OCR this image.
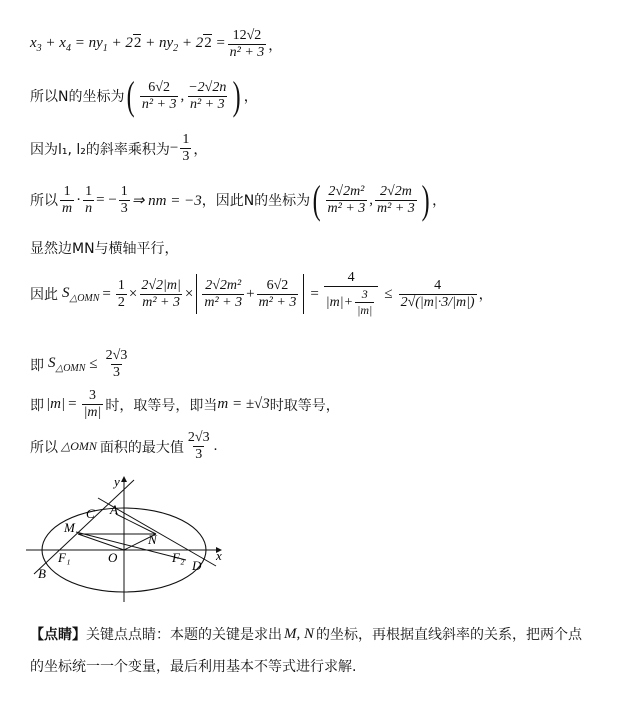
$x_3 + x_4 = ny_1 + 22 + ny_2 + 22 = \frac{12√2}{\text{n² + 3}}$ ，
所以N的坐标为 ( $\frac{6√2}{\text{n² + 3}}$ , $\frac{-2√2n}{\text{n² + 3}}$ ) ，
因为l₁, l₂的斜率乘积为 − $\frac{1}{3}$ ，
所以 $\frac{1}{m} \cdot \frac{1}{n}$ = − $\frac{1}{3}$ ⇒ nm = −3 ，因此N的坐标为 ( $\frac{\text{2√2m²}}{\text{m² + 3}}$ , $\frac{2√2m}{\text{m² + 3}}$ ) ，
显然边MN与横轴平行，
因此 $S_{\triangle OMN} = \frac{1}{2} \times \frac{2√2|m|}{\text{m² + 3}} \times \frac{\text{2√2m²}}{\text{m² + 3}} + \frac{6√2}{\text{m² + 3}} = \frac{4}{|m| + \frac{3}{|m|}} \le \frac{4}{2√(|m|\cdot 3/|m|)}$ ，
即 $S_{\triangle OMN} \le \frac{2√3}{3}$
即 $|m| = \frac{3}{|m|}$ 时，取等号，即当 m = ±√3 时取等号，
所以 △OMN 面积的最大值 $\frac{2√3}{3}$ .
y
C A
M
N
O
F₁	F₂ x
B
D
【点睛】 关键点点睛：本题的关键是求出 M, N 的坐标，再根据直线斜率的关系，把两个点
的坐标统一一个变量，最后利用基本不等式进行求解.
